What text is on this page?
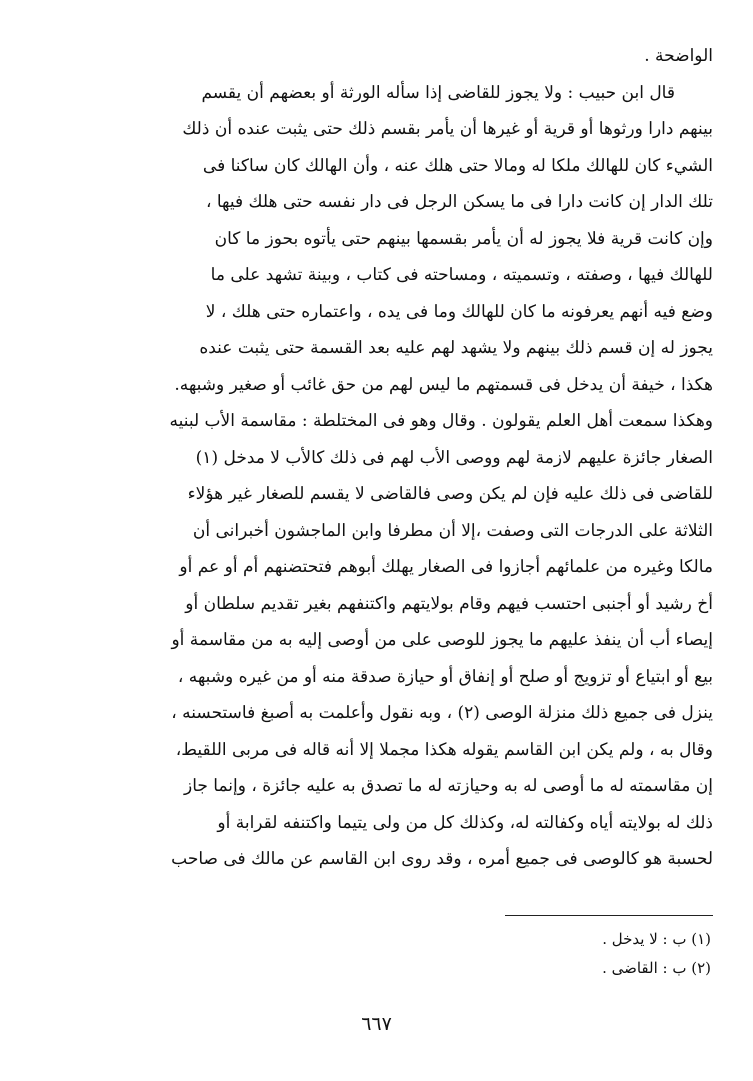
الواضحة .
قال ابن حبيب : ولا يجوز للقاضى إذا سأله الورثة أو بعضهم أن يقسم
بينهم دارا ورثوها أو قرية أو غيرها أن يأمر بقسم ذلك حتى يثبت عنده أن ذلك
الشيء كان للهالك ملكا له ومالا حتى هلك عنه ، وأن الهالك كان ساكنا فى
تلك الدار إن كانت دارا فى ما يسكن الرجل فى دار نفسه حتى هلك فيها ،
وإن كانت قرية فلا يجوز له أن يأمر بقسمها بينهم حتى يأتوه بحوز ما كان
للهالك فيها ، وصفته ، وتسميته ، ومساحته فى كتاب ، وبينة تشهد على ما
وضع فيه أنهم يعرفونه ما كان للهالك وما فى يده ، واعتماره حتى هلك ، لا
يجوز له إن قسم ذلك بينهم ولا يشهد لهم عليه بعد القسمة حتى يثبت عنده
هكذا ، خيفة أن يدخل فى قسمتهم ما ليس لهم من حق غائب أو صغير وشبهه.
وهكذا سمعت أهل العلم يقولون . وقال وهو فى المختلطة : مقاسمة الأب لبنيه
الصغار جائزة عليهم لازمة لهم ووصى الأب لهم فى ذلك كالأب لا مدخل (١)
للقاضى فى ذلك عليه فإن لم يكن وصى فالقاضى لا يقسم للصغار غير هؤلاء
الثلاثة على الدرجات التى وصفت ،إلا أن مطرفا وابن الماجشون أخبرانى أن
مالكا وغيره من علمائهم أجازوا فى الصغار يهلك أبوهم فتحتضنهم أم أو عم أو
أخ رشيد أو أجنبى احتسب فيهم وقام بولايتهم واكتنفهم بغير تقديم سلطان أو
إيصاء أب أن ينفذ عليهم ما يجوز للوصى على من أوصى إليه به من مقاسمة أو
بيع أو ابتياع أو تزويج أو صلح أو إنفاق أو حيازة صدقة منه أو من غيره وشبهه ،
ينزل فى جميع ذلك منزلة الوصى (٢) ، وبه نقول وأعلمت به أصبغ فاستحسنه ،
وقال به ، ولم يكن ابن القاسم يقوله هكذا مجملا إلا أنه قاله فى مربى اللقيط،
إن مقاسمته له ما أوصى له به وحيازته له ما تصدق به عليه جائزة ، وإنما جاز
ذلك له بولايته أياه وكفالته له، وكذلك كل من ولى يتيما واكتنفه لقرابة أو
لحسبة هو كالوصى فى جميع أمره ، وقد روى ابن القاسم عن مالك فى صاحب
(١) ب : لا يدخل .
(٢) ب : القاضى .
٦٦٧
